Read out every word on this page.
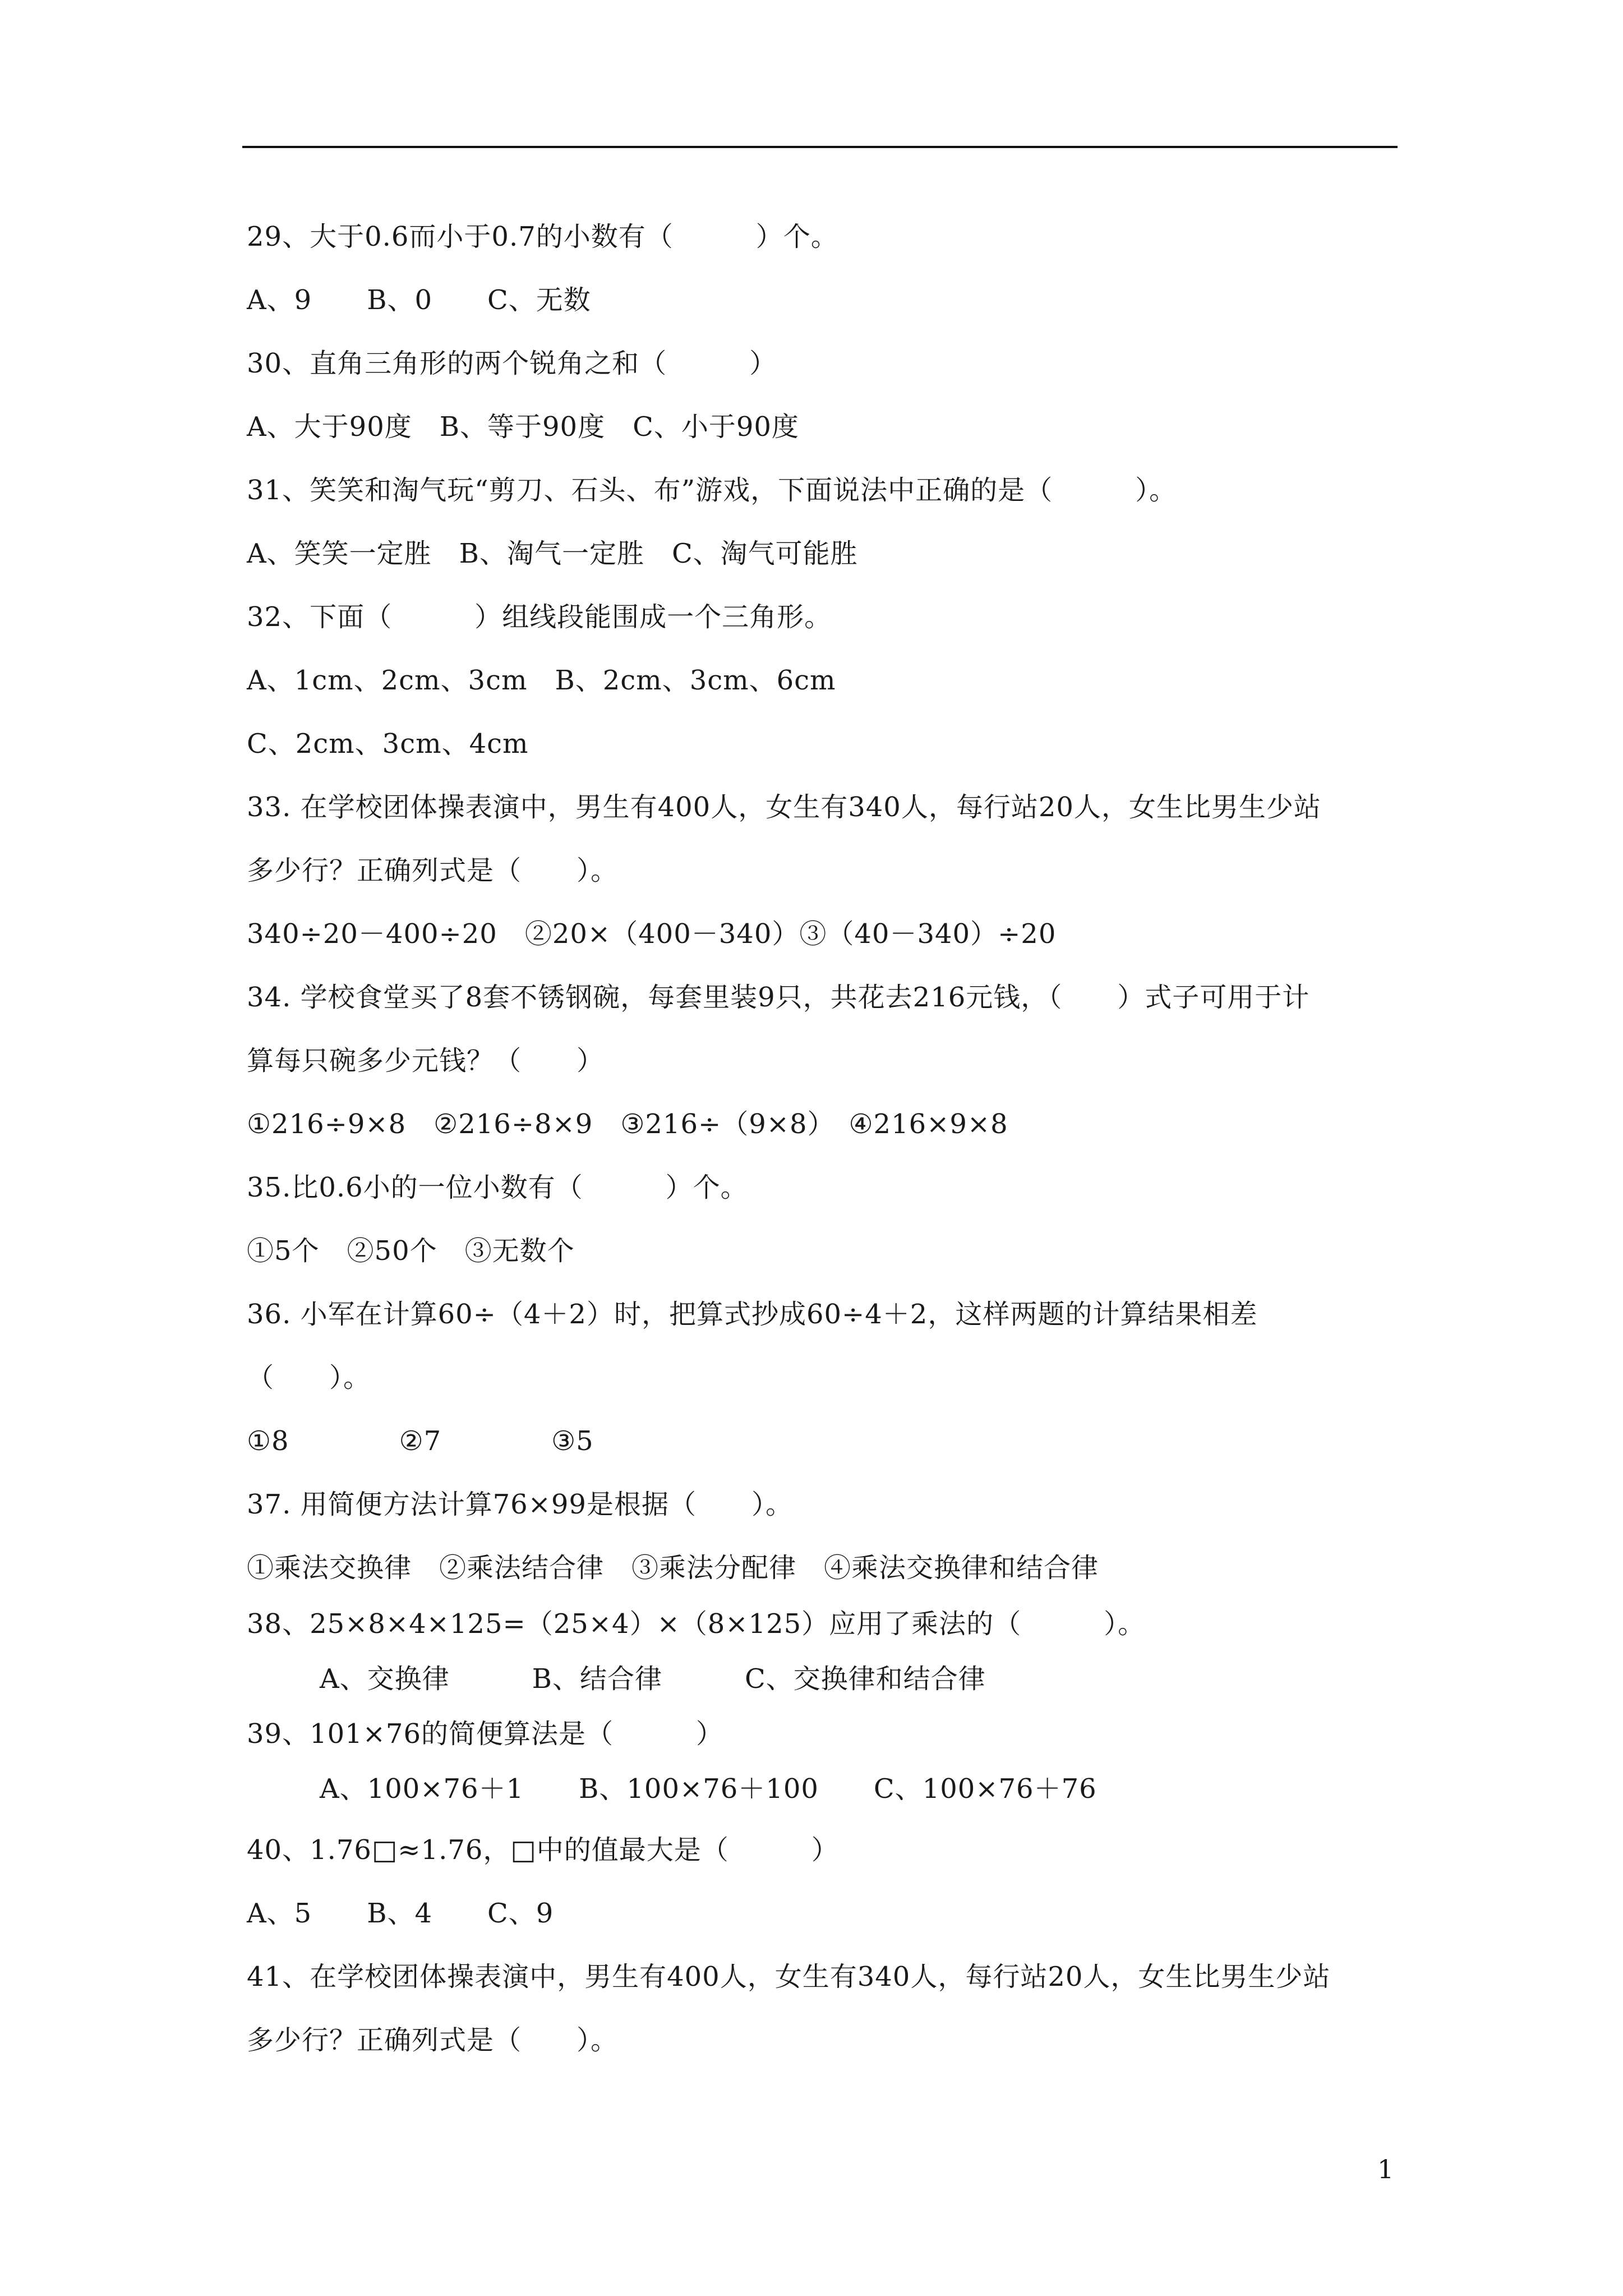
29、大于0.6而小于0.7的小数有（　　　）个。
A、9　　B、0　　C、无数
30、直角三角形的两个锐角之和（　　　）
A、大于90度　B、等于90度　C、小于90度
31、笑笑和淘气玩“剪刀、石头、布”游戏，下面说法中正确的是（　　　）。
A、笑笑一定胜　B、淘气一定胜　C、淘气可能胜
32、下面（　　　）组线段能围成一个三角形。
A、1cm、2cm、3cm　B、2cm、3cm、6cm
C、2cm、3cm、4cm
33. 在学校团体操表演中，男生有400人，女生有340人，每行站20人，女生比男生少站
多少行？正确列式是（　　）。
340÷20－400÷20　②20×（400－340）③（40－340）÷20
34. 学校食堂买了8套不锈钢碗，每套里装9只，共花去216元钱，（　　）式子可用于计
算每只碗多少元钱？（　　）
①216÷9×8　②216÷8×9　③216÷（9×8）　④216×9×8
35.比0.6小的一位小数有（　　　）个。
①5个　②50个　③无数个
36. 小军在计算60÷（4＋2）时，把算式抄成60÷4＋2，这样两题的计算结果相差
（　　）。
①8　　　　②7　　　　③5
37. 用简便方法计算76×99是根据（　　）。
①乘法交换律　②乘法结合律　③乘法分配律　④乘法交换律和结合律
38、25×8×4×125=（25×4）×（8×125）应用了乘法的（　　　）。
A、交换律　　　B、结合律　　　C、交换律和结合律
39、101×76的简便算法是（　　　）
A、100×76＋1　　B、100×76＋100　　C、100×76＋76
40、1.76□≈1.76，□中的值最大是（　　　）
A、5　　B、4　　C、9
41、在学校团体操表演中，男生有400人，女生有340人，每行站20人，女生比男生少站
多少行？正确列式是（　　）。
1
